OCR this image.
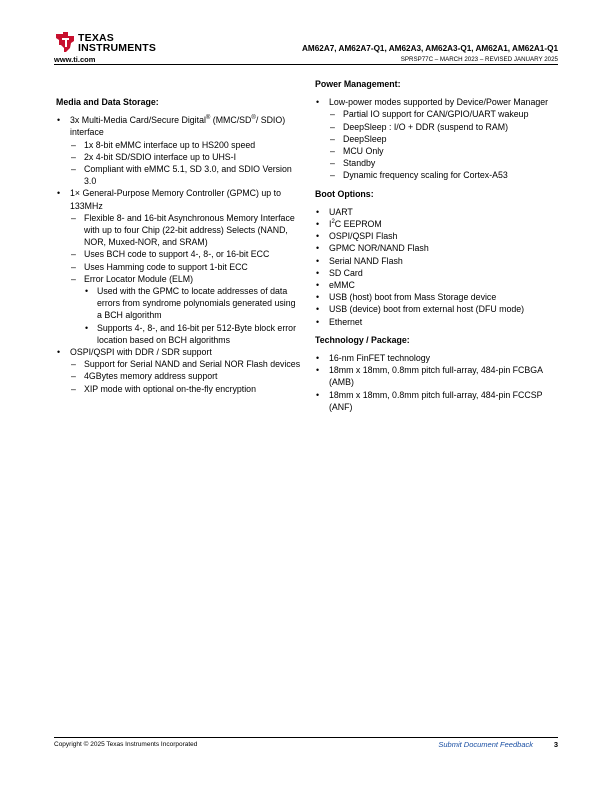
TEXAS
INSTRUMENTS
www.ti.com
AM62A7, AM62A7-Q1, AM62A3, AM62A3-Q1, AM62A1, AM62A1-Q1
SPRSP77C – MARCH 2023 – REVISED JANUARY 2025
Media and Data Storage:
• 3x Multi-Media Card/Secure Digital® (MMC/SD®/ SDIO) interface
– 1x 8-bit eMMC interface up to HS200 speed
– 2x 4-bit SD/SDIO interface up to UHS-I
– Compliant with eMMC 5.1, SD 3.0, and SDIO Version 3.0
• 1× General-Purpose Memory Controller (GPMC) up to 133MHz
– Flexible 8- and 16-bit Asynchronous Memory Interface with up to four Chip (22-bit address) Selects (NAND, NOR, Muxed-NOR, and SRAM)
– Uses BCH code to support 4-, 8-, or 16-bit ECC
– Uses Hamming code to support 1-bit ECC
– Error Locator Module (ELM)
• Used with the GPMC to locate addresses of data errors from syndrome polynomials generated using a BCH algorithm
• Supports 4-, 8-, and 16-bit per 512-Byte block error location based on BCH algorithms
• OSPI/QSPI with DDR / SDR support
– Support for Serial NAND and Serial NOR Flash devices
– 4GBytes memory address support
– XIP mode with optional on-the-fly encryption
Power Management:
• Low-power modes supported by Device/Power Manager
– Partial IO support for CAN/GPIO/UART wakeup
– DeepSleep : I/O + DDR (suspend to RAM)
– DeepSleep
– MCU Only
– Standby
– Dynamic frequency scaling for Cortex-A53
Boot Options:
• UART
• $I^2C$ EEPROM
• OSPI/QSPI Flash
• GPMC NOR/NAND Flash
• Serial NAND Flash
• SD Card
• eMMC
• USB (host) boot from Mass Storage device
• USB (device) boot from external host (DFU mode)
• Ethernet
Technology / Package:
• 16-nm FinFET technology
• 18mm x 18mm, 0.8mm pitch full-array, 484-pin FCBGA (AMB)
• 18mm x 18mm, 0.8mm pitch full-array, 484-pin FCCSP (ANF)
Copyright © 2025 Texas Instruments Incorporated	Submit Document Feedback	3
